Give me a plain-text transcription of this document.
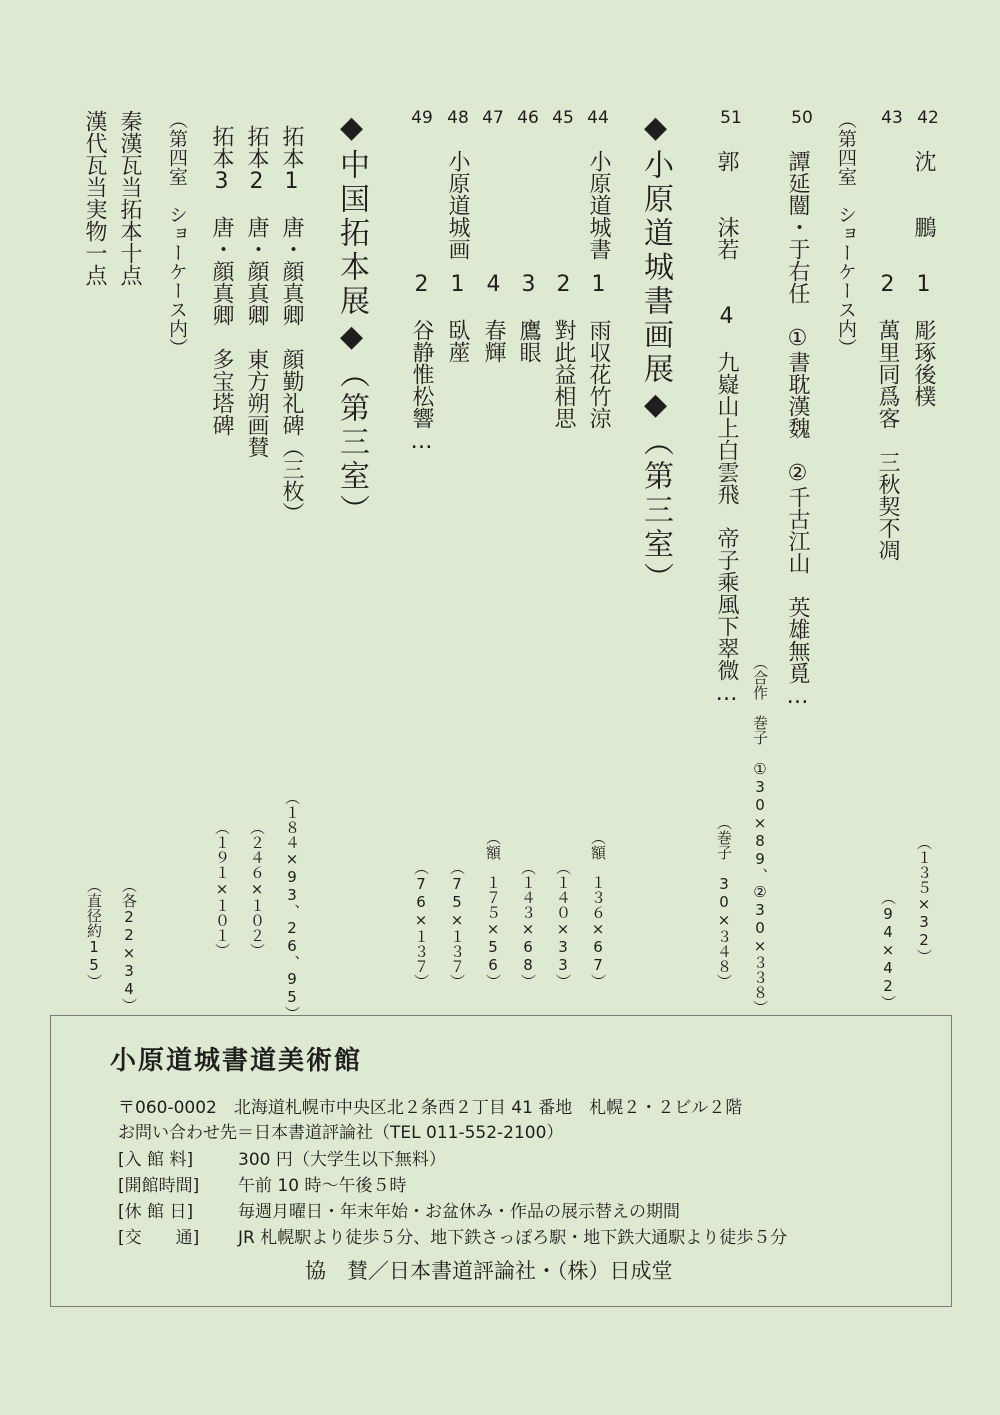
42
43
沈　　鵬
1　彫琢後樸
2　萬里同爲客　三秋契不凋
（１３５×32）
（94×42）
（第四室　ショーケース内）
50
譚延闓・于右任　①書耽漢魏　②千古江山　英雄無覓…
（合作　巻子　①30×89、②30×３３８）
51
郭　　沫若　　4　九嶷山上白雲飛　帝子乘風下翠微…
（巻子　30×３４８）
◆小原道城書画展◆（第三室）
44
45
46
47
48
49
小原道城書
小原道城画
1　雨収花竹涼
2　對此益相思
3　鷹眼
4　春輝
1　臥蓙
2　谷静惟松響…
（額　１３６×67）
（１４０×33）
（１４３×68）
（額　１７５×56）
（75×１３７）
（76×１３７）
◆中国拓本展◆（第三室）
拓本1　唐・顔真卿　顔勤礼碑（三枚）
拓本2　唐・顔真卿　東方朔画賛
拓本3　唐・顔真卿　多宝塔碑
（１８４×93、26、95）
（２４６×１０２）
（１９１×１０１）
（第四室　ショーケース内）
秦漢瓦当拓本十点
漢代瓦当実物一点
（各22×34）
（直径約15）
小原道城書道美術館
〒060-0002　北海道札幌市中央区北２条西２丁目 41 番地　札幌２・２ビル２階
お問い合わせ先＝日本書道評論社（TEL 011-552-2100）
[入 館 料]	300 円（大学生以下無料）
[開館時間] 午前 10 時〜午後５時
[休 館 日]	毎週月曜日・年末年始・お盆休み・作品の展示替えの期間
[交　　通] JR 札幌駅より徒歩５分、地下鉄さっぽろ駅・地下鉄大通駅より徒歩５分
協　賛／日本書道評論社・（株）日成堂
